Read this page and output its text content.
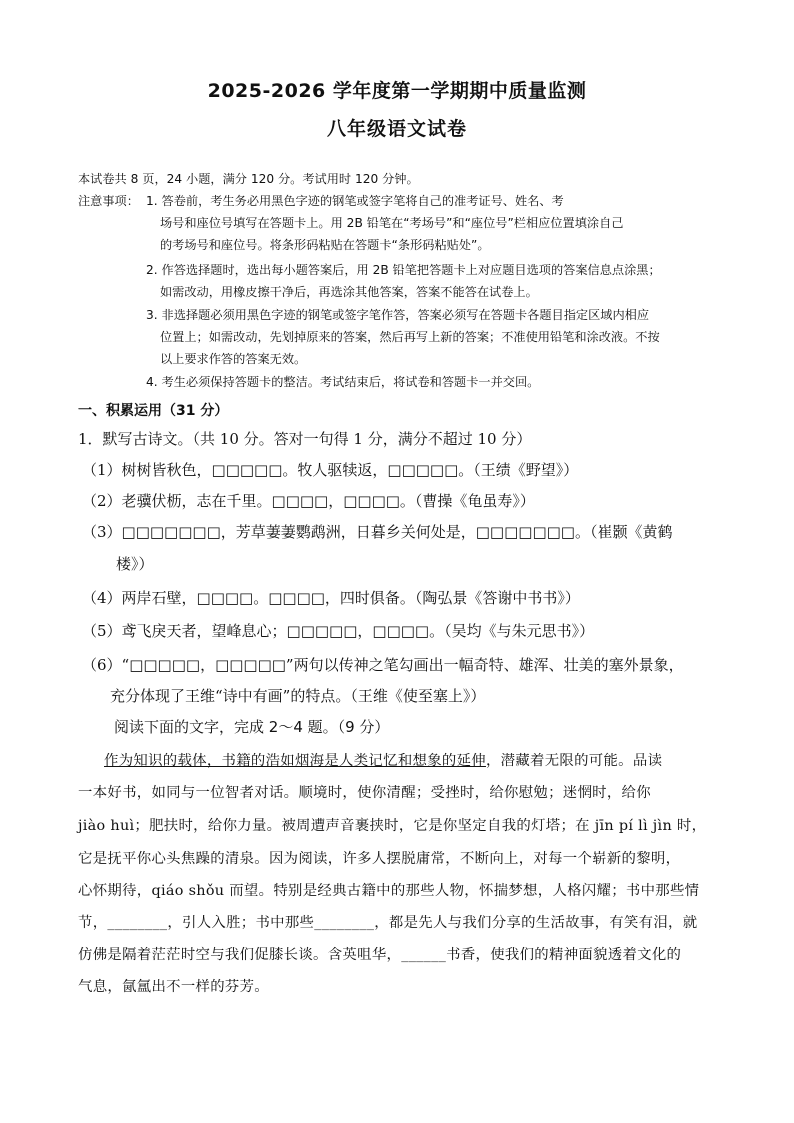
2025-2026 学年度第一学期期中质量监测
八年级语文试卷
本试卷共 8 页，24 小题，满分 120 分。考试用时 120 分钟。
注意事项： 1. 答卷前，考生务必用黑色字迹的钢笔或签字笔将自己的准考证号、姓名、考
场号和座位号填写在答题卡上。用 2B 铅笔在“考场号”和“座位号”栏相应位置填涂自己
的考场号和座位号。将条形码粘贴在答题卡“条形码粘贴处”。
2. 作答选择题时，选出每小题答案后，用 2B 铅笔把答题卡上对应题目选项的答案信息点涂黑；
如需改动，用橡皮擦干净后，再选涂其他答案，答案不能答在试卷上。
3. 非选择题必须用黑色字迹的钢笔或签字笔作答，答案必须写在答题卡各题目指定区域内相应
位置上；如需改动，先划掉原来的答案，然后再写上新的答案；不准使用铅笔和涂改液。不按
以上要求作答的答案无效。
4. 考生必须保持答题卡的整洁。考试结束后，将试卷和答题卡一并交回。
一、积累运用（31 分）
1．默写古诗文。（共 10 分。答对一句得 1 分，满分不超过 10 分）
（1）树树皆秋色，□□□□□。牧人驱犊返，□□□□□。（王绩《野望》）
（2）老骥伏枥，志在千里。□□□□，□□□□。（曹操《龟虽寿》）
（3）□□□□□□□，芳草萋萋鹦鹉洲，日暮乡关何处是，□□□□□□□。（崔颢《黄鹤
楼》）
（4）两岸石壁，□□□□。□□□□，四时俱备。（陶弘景《答谢中书书》）
（5）鸢飞戾天者，望峰息心；□□□□□，□□□□。（吴均《与朱元思书》）
（6）“□□□□□，□□□□□”两句以传神之笔勾画出一幅奇特、雄浑、壮美的塞外景象，
充分体现了王维“诗中有画”的特点。（王维《使至塞上》）
阅读下面的文字，完成 2～4 题。（9 分）
作为知识的载体，书籍的浩如烟海是人类记忆和想象的延伸，潜藏着无限的可能。品读
一本好书，如同与一位智者对话。顺境时，使你清醒；受挫时，给你慰勉；迷惘时，给你
jiào huì；肥扶时，给你力量。被周遭声音裹挟时，它是你坚定自我的灯塔；在 jīn pí lì jìn 时，
它是抚平你心头焦躁的清泉。因为阅读，许多人摆脱庸常，不断向上，对每一个崭新的黎明，
心怀期待，qiáo shǒu 而望。特别是经典古籍中的那些人物，怀揣梦想，人格闪耀；书中那些情
节，________，引人入胜；书中那些________，都是先人与我们分享的生活故事，有笑有泪，就
仿佛是隔着茫茫时空与我们促膝长谈。含英咀华，______书香，使我们的精神面貌透着文化的
气息，氤氲出不一样的芬芳。
